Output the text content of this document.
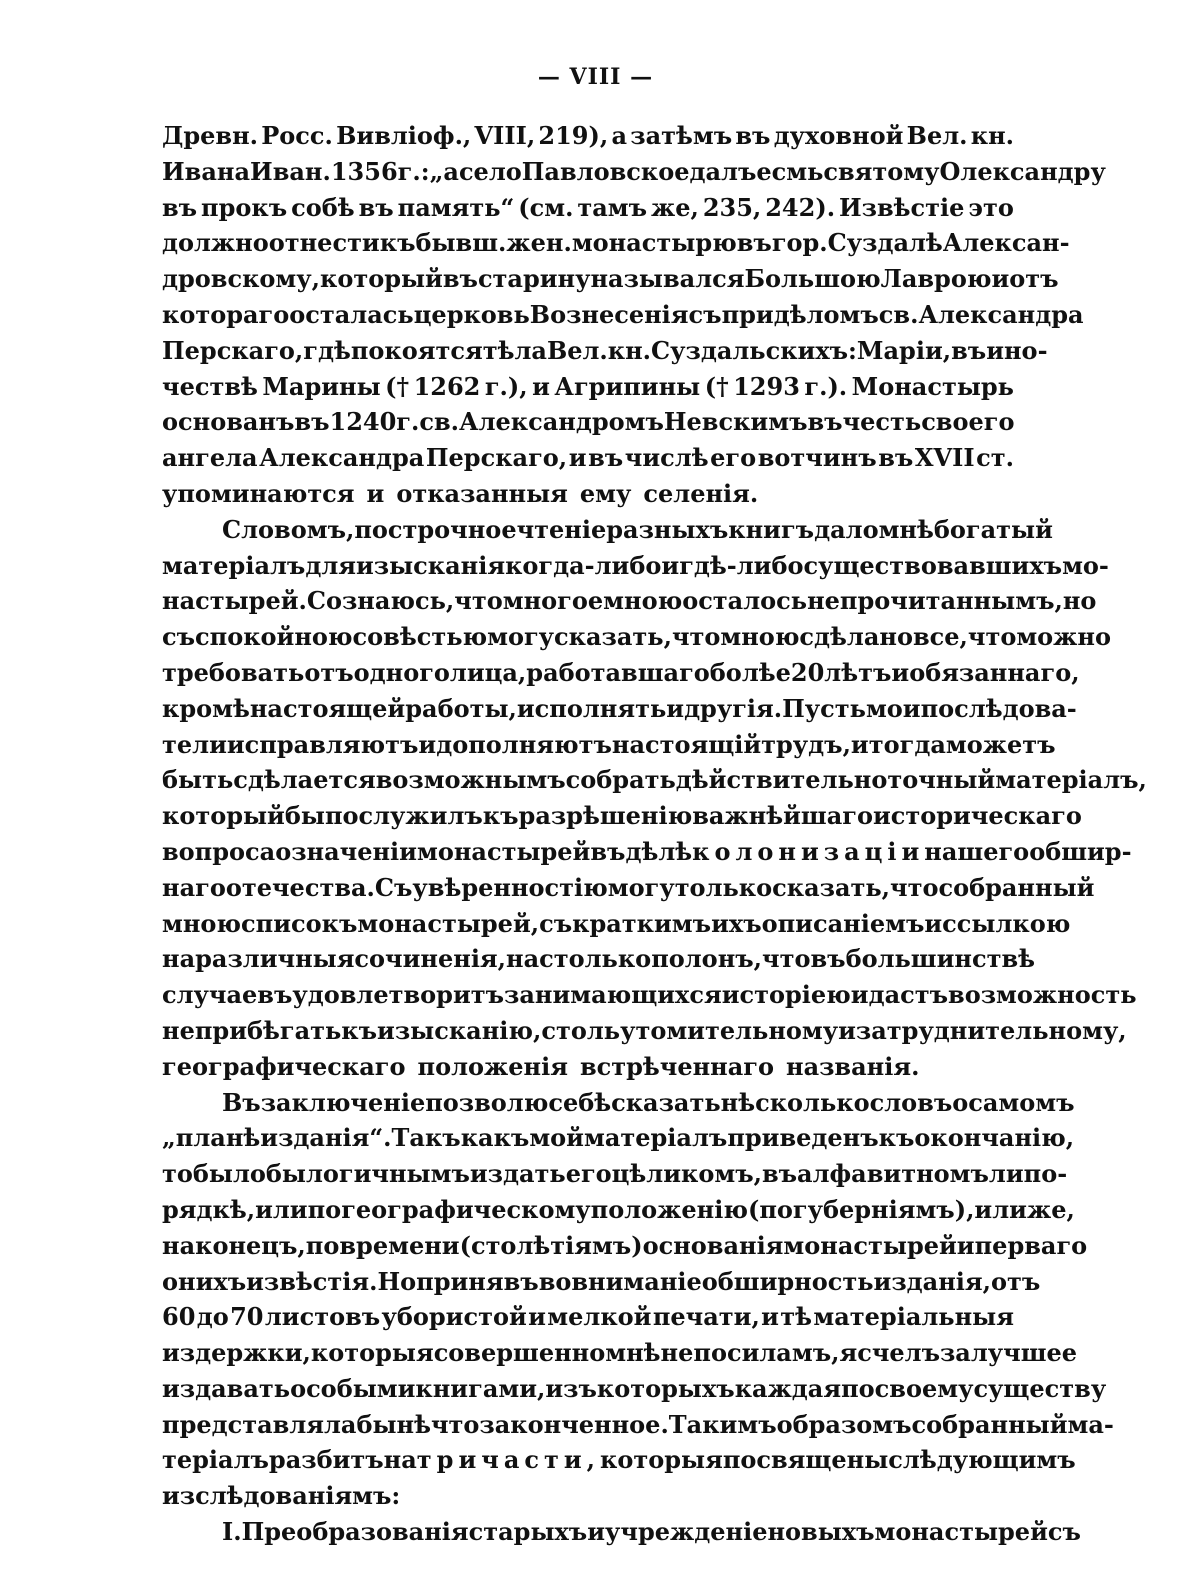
— VIII —
Древн. Росс. Вивліоф., VIII, 219), а затѣмъ въ духовной Вел. кн.
Ивана Иван. 1356 г.: „а село Павловское далъ есмь святому Олександру
въ прокъ собѣ въ память“ (см. тамъ же, 235, 242). Извѣстіе это
должно отнести къ бывш. жен. монастырю въ гор. Суздалѣ Алексан-
дровскому, который въ старину назывался Большою Лаврою и отъ
котораго осталась церковь Вознесенія съ придѣломъ св. Александра
Перскаго, гдѣ покоятся тѣла Вел. кн. Суздальскихъ: Маріи, въ ино-
чествѣ Марины († 1262 г.), и Агрипины († 1293 г.). Монастырь
основанъ въ 1240 г. св. Александромъ Невскимъ въ честь своего
ангела Александра Перскаго, и въ числѣ его вотчинъ въ XVII ст.
упоминаются и отказанныя ему селенія.
Словомъ, построчное чтеніе разныхъ книгъ дало мнѣ богатый
матеріалъ для изысканія когда-либо и гдѣ-либо существовавшихъ мо-
настырей. Сознаюсь, что многое мною осталось непрочитаннымъ, но
съ спокойною совѣстью могу сказать, что мною сдѣлано все, что можно
требовать отъ одного лица, работавшаго болѣе 20 лѣтъ и обязаннаго,
кромѣ настоящей работы, исполнять и другія. Пусть мои послѣдова-
тели исправляютъ и дополняютъ настоящій трудъ, и тогда можетъ
быть сдѣлается возможнымъ собрать дѣйствительно точный матеріалъ,
который бы послужилъ къ разрѣшенію важнѣйшаго историческаго
вопроса о значеніи монастырей въ дѣлѣ колонизаціи нашего обшир-
наго отечества. Съ увѣренностію могу только сказать, что собранный
мною списокъ монастырей, съ краткимъ ихъ описаніемъ и ссылкою
на различныя сочиненія, на столько полонъ, что въ большинствѣ
случаевъ удовлетворитъ занимающихся исторіею и дастъ возможность
не прибѣгать къ изысканію, столь утомительному и затруднительному,
географическаго положенія встрѣченнаго названія.
Въ заключеніе позволю себѣ сказать нѣсколько словъ о самомъ
„планѣ изданія“. Такъ какъ мой матеріалъ приведенъ къ окончанію,
то было бы логичнымъ издать его цѣликомъ, въ алфавитномъ ли по-
рядкѣ, или по географическому положенію (по губерніямъ), или же,
наконецъ, по времени (столѣтіямъ) основанія монастырей и перваго
о нихъ извѣстія. Но принявъ во вниманіе обширность изданія, отъ
60 до 70 листовъ убористой и мелкой печати, и тѣ матеріальныя
издержки, которыя совершенно мнѣ не по силамъ, я счелъ за лучшее
издавать особыми книгами, изъ которыхъ каждая по своему существу
представляла бы нѣчто законченное. Такимъ образомъ собранный ма-
теріалъ разбитъ на три части, которыя посвящены слѣдующимъ
изслѣдованіямъ:
I. Преобразованія старыхъ и учрежденіе новыхъ монастырей съ
